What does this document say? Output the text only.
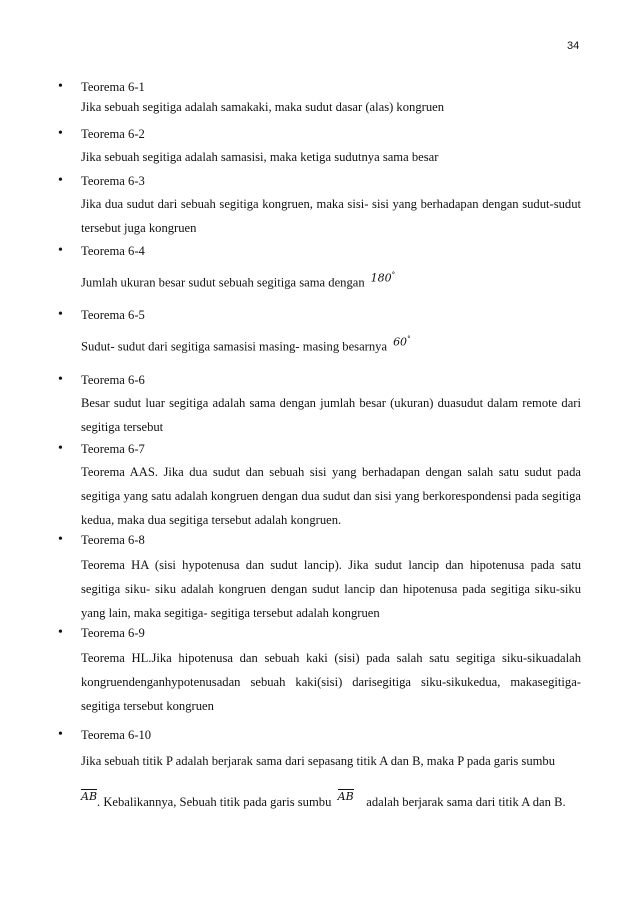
34
• Teorema 6-1
Jika sebuah segitiga adalah samakaki, maka sudut dasar (alas) kongruen
• Teorema 6-2
Jika sebuah segitiga adalah samasisi, maka ketiga sudutnya sama besar
• Teorema 6-3
Jika dua sudut dari sebuah segitiga kongruen, maka sisi- sisi yang berhadapan dengan sudut-sudut tersebut juga kongruen
• Teorema 6-4
Jumlah ukuran besar sudut sebuah segitiga sama dengan 180°
• Teorema 6-5
Sudut- sudut dari segitiga samasisi masing- masing besarnya 60°
• Teorema 6-6
Besar sudut luar segitiga adalah sama dengan jumlah besar (ukuran) duasudut dalam remote dari segitiga tersebut
• Teorema 6-7
Teorema AAS. Jika dua sudut dan sebuah sisi yang berhadapan dengan salah satu sudut pada segitiga yang satu adalah kongruen dengan dua sudut dan sisi yang berkorespondensi pada segitiga kedua, maka dua segitiga tersebut adalah kongruen.
• Teorema 6-8
Teorema HA (sisi hypotenusa dan sudut lancip). Jika sudut lancip dan hipotenusa pada satu segitiga siku- siku adalah kongruen dengan sudut lancip dan hipotenusa pada segitiga siku-siku yang lain, maka segitiga- segitiga tersebut adalah kongruen
• Teorema 6-9
Teorema HL.Jika hipotenusa dan sebuah kaki (sisi) pada salah satu segitiga siku-sikuadalah kongruendenganhypotenusadan sebuah kaki(sisi) darisegitiga siku-sikukedua, makasegitiga-segitiga tersebut kongruen
• Teorema 6-10
Jika sebuah titik P adalah berjarak sama dari sepasang titik A dan B, maka P pada garis sumbu
AB. Kebalikannya, Sebuah titik pada garis sumbu AB adalah berjarak sama dari titik A dan B.
